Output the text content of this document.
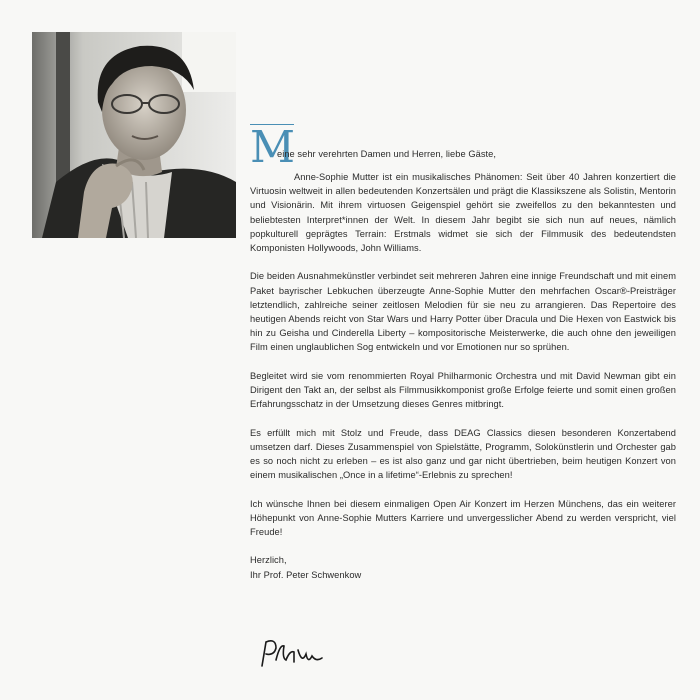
M
eine sehr verehrten Damen und Herren, liebe Gäste,

Anne-Sophie Mutter ist ein musikalisches Phänomen: Seit über 40 Jahren konzertiert die Virtuosin weltweit in allen bedeutenden Konzertsälen und prägt die Klassikszene als Solistin, Mentorin und Visionärin. Mit ihrem virtuosen Geigenspiel gehört sie zweifellos zu den bekanntesten und beliebtesten Interpret*innen der Welt. In diesem Jahr begibt sie sich nun auf neues, nämlich popkulturell geprägtes Terrain: Erstmals widmet sie sich der Filmmusik des bedeutendsten Komponisten Hollywoods, John Williams.

Die beiden Ausnahmekünstler verbindet seit mehreren Jahren eine innige Freundschaft und mit einem Paket bayrischer Lebkuchen überzeugte Anne-Sophie Mutter den mehrfachen Oscar®-Preisträger letztendlich, zahlreiche seiner zeitlosen Melodien für sie neu zu arrangieren. Das Repertoire des heutigen Abends reicht von Star Wars und Harry Potter über Dracula und Die Hexen von Eastwick bis hin zu Geisha und Cinderella Liberty – kompositorische Meisterwerke, die auch ohne den jeweiligen Film einen unglaublichen Sog entwickeln und vor Emotionen nur so sprühen.

Begleitet wird sie vom renommierten Royal Philharmonic Orchestra und mit David Newman gibt ein Dirigent den Takt an, der selbst als Filmmusikkomponist große Erfolge feierte und somit einen großen Erfahrungsschatz in der Umsetzung dieses Genres mitbringt.

Es erfüllt mich mit Stolz und Freude, dass DEAG Classics diesen besonderen Konzertabend umsetzen darf. Dieses Zusammenspiel von Spielstätte, Programm, Solokünstlerin und Orchester gab es so noch nicht zu erleben – es ist also ganz und gar nicht übertrieben, beim heutigen Konzert von einem musikalischen „Once in a lifetime“-Erlebnis zu sprechen!

Ich wünsche Ihnen bei diesem einmaligen Open Air Konzert im Herzen Münchens, das ein weiterer Höhepunkt von Anne-Sophie Mutters Karriere und unvergesslicher Abend zu werden verspricht, viel Freude!

Herzlich,
Ihr Prof. Peter Schwenkow
